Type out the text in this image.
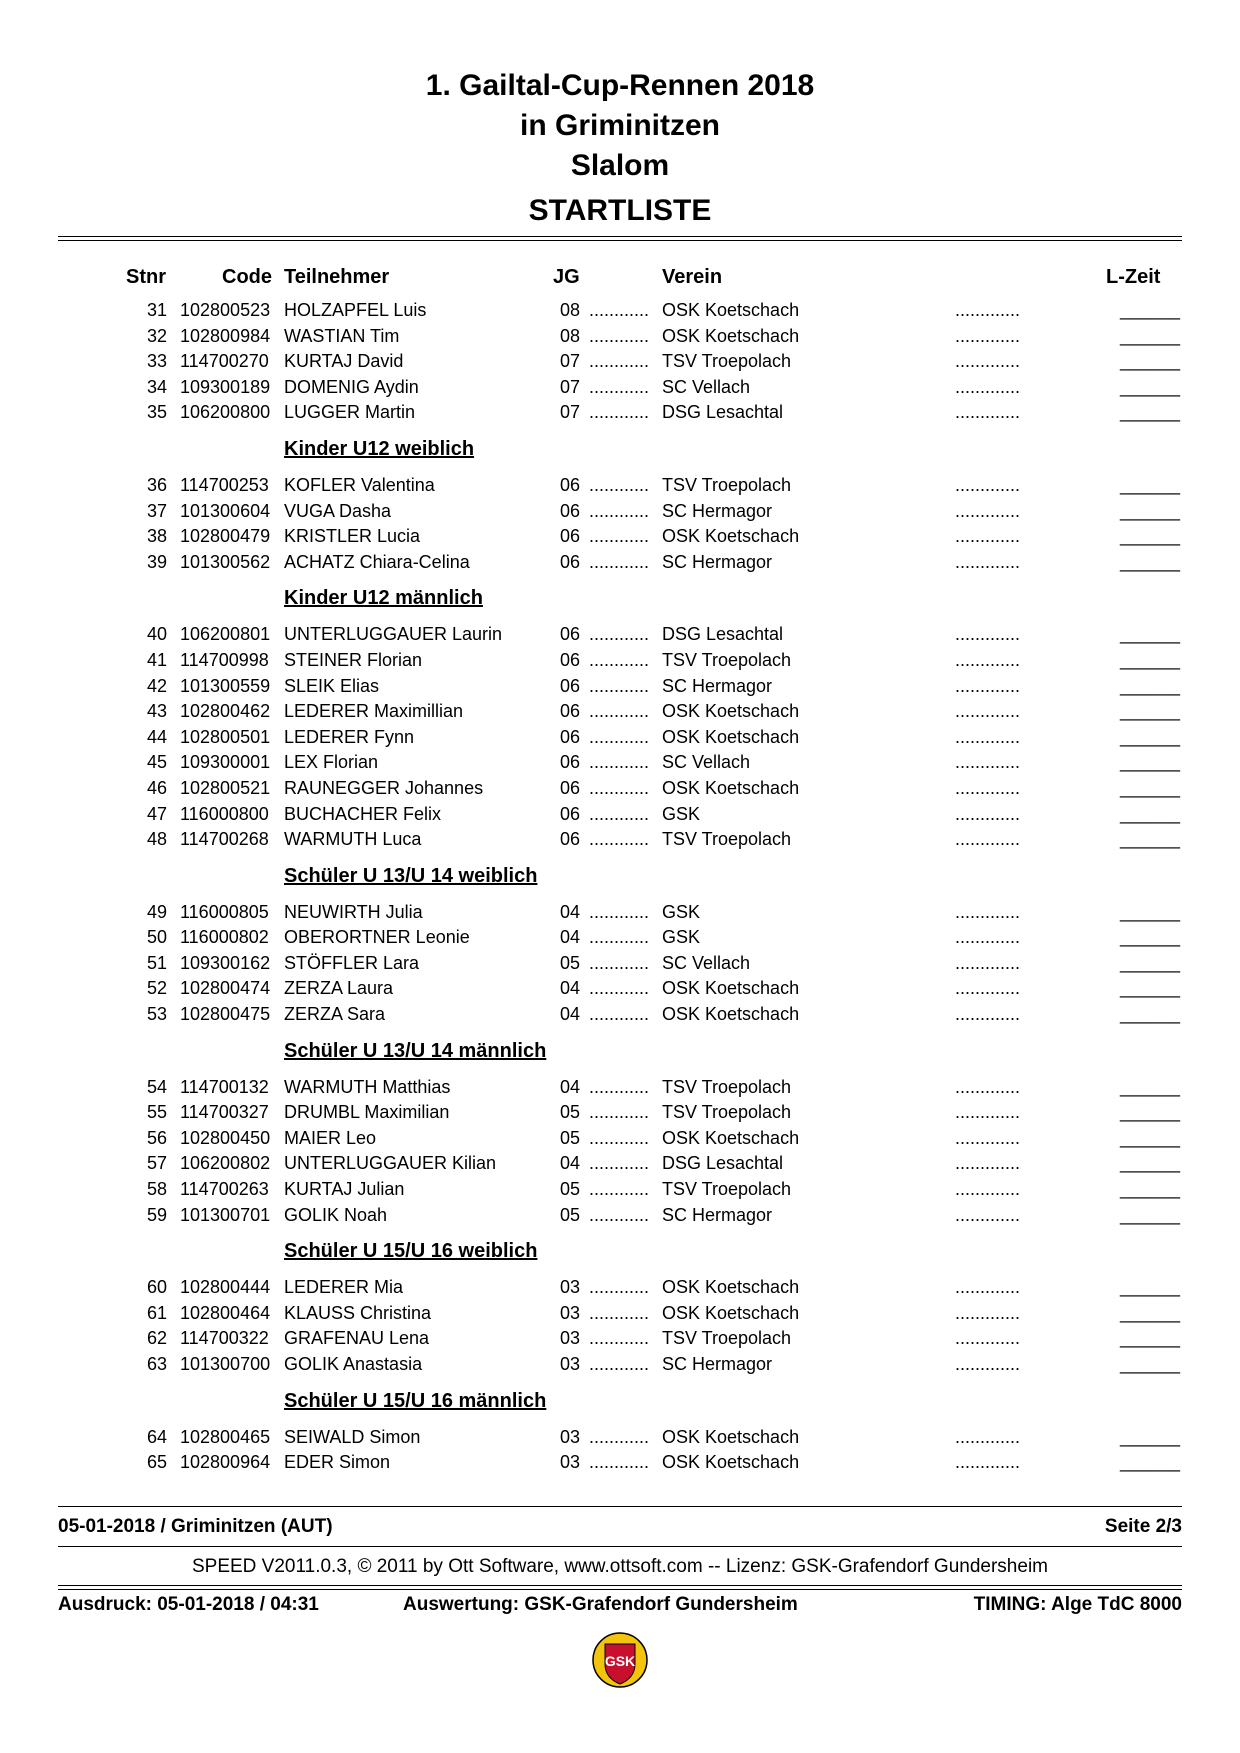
1. Gailtal-Cup-Rennen 2018
in Griminitzen
Slalom
STARTLISTE
Stnr	Code Teilnehmer	JG	Verein	L-Zeit
31 102800523 HOLZAPFEL Luis	08 ............ OSK Koetschach	.............	______
32 102800984 WASTIAN Tim	08 ............ OSK Koetschach	.............	______
33 114700270 KURTAJ David	07 ............ TSV Troepolach	.............	______
34 109300189 DOMENIG Aydin	07 ............ SC Vellach	.............	______
35 106200800 LUGGER Martin	07 ............ DSG Lesachtal	.............	______
Kinder U12 weiblich
36 114700253 KOFLER Valentina	06 ............ TSV Troepolach	.............	______
37 101300604 VUGA Dasha	06 ............ SC Hermagor	.............	______
38 102800479 KRISTLER Lucia	06 ............ OSK Koetschach	.............	______
39 101300562 ACHATZ Chiara-Celina	06 ............ SC Hermagor	.............	______
Kinder U12 männlich
40 106200801 UNTERLUGGAUER Laurin	06 ............ DSG Lesachtal	.............	______
41 114700998 STEINER Florian	06 ............ TSV Troepolach	.............	______
42 101300559 SLEIK Elias	06 ............ SC Hermagor	.............	______
43 102800462 LEDERER Maximillian	06 ............ OSK Koetschach	.............	______
44 102800501 LEDERER Fynn	06 ............ OSK Koetschach	.............	______
45 109300001 LEX Florian	06 ............ SC Vellach	.............	______
46 102800521 RAUNEGGER Johannes	06 ............ OSK Koetschach	.............	______
47 116000800 BUCHACHER Felix	06 ............ GSK	.............	______
48 114700268 WARMUTH Luca	06 ............ TSV Troepolach	.............	______
Schüler U 13/U 14 weiblich
49 116000805 NEUWIRTH Julia	04 ............ GSK	.............	______
50 116000802 OBERORTNER Leonie	04 ............ GSK	.............	______
51 109300162 STÖFFLER Lara	05 ............ SC Vellach	.............	______
52 102800474 ZERZA Laura	04 ............ OSK Koetschach	.............	______
53 102800475 ZERZA Sara	04 ............ OSK Koetschach	.............	______
Schüler U 13/U 14 männlich
54 114700132 WARMUTH Matthias	04 ............ TSV Troepolach	.............	______
55 114700327 DRUMBL Maximilian	05 ............ TSV Troepolach	.............	______
56 102800450 MAIER Leo	05 ............ OSK Koetschach	.............	______
57 106200802 UNTERLUGGAUER Kilian	04 ............ DSG Lesachtal	.............	______
58 114700263 KURTAJ Julian	05 ............ TSV Troepolach	.............	______
59 101300701 GOLIK Noah	05 ............ SC Hermagor	.............	______
Schüler U 15/U 16 weiblich
60 102800444 LEDERER Mia	03 ............ OSK Koetschach	.............	______
61 102800464 KLAUSS Christina	03 ............ OSK Koetschach	.............	______
62 114700322 GRAFENAU Lena	03 ............ TSV Troepolach	.............	______
63 101300700 GOLIK Anastasia	03 ............ SC Hermagor	.............	______
Schüler U 15/U 16 männlich
64 102800465 SEIWALD Simon	03 ............ OSK Koetschach	.............	______
65 102800964 EDER Simon	03 ............ OSK Koetschach	.............	______
05-01-2018 / Griminitzen (AUT)	Seite 2/3
SPEED V2011.0.3, © 2011 by Ott Software, www.ottsoft.com -- Lizenz: GSK-Grafendorf Gundersheim
Ausdruck: 05-01-2018 / 04:31	Auswertung: GSK-Grafendorf Gundersheim	TIMING: Alge TdC 8000
GSK
